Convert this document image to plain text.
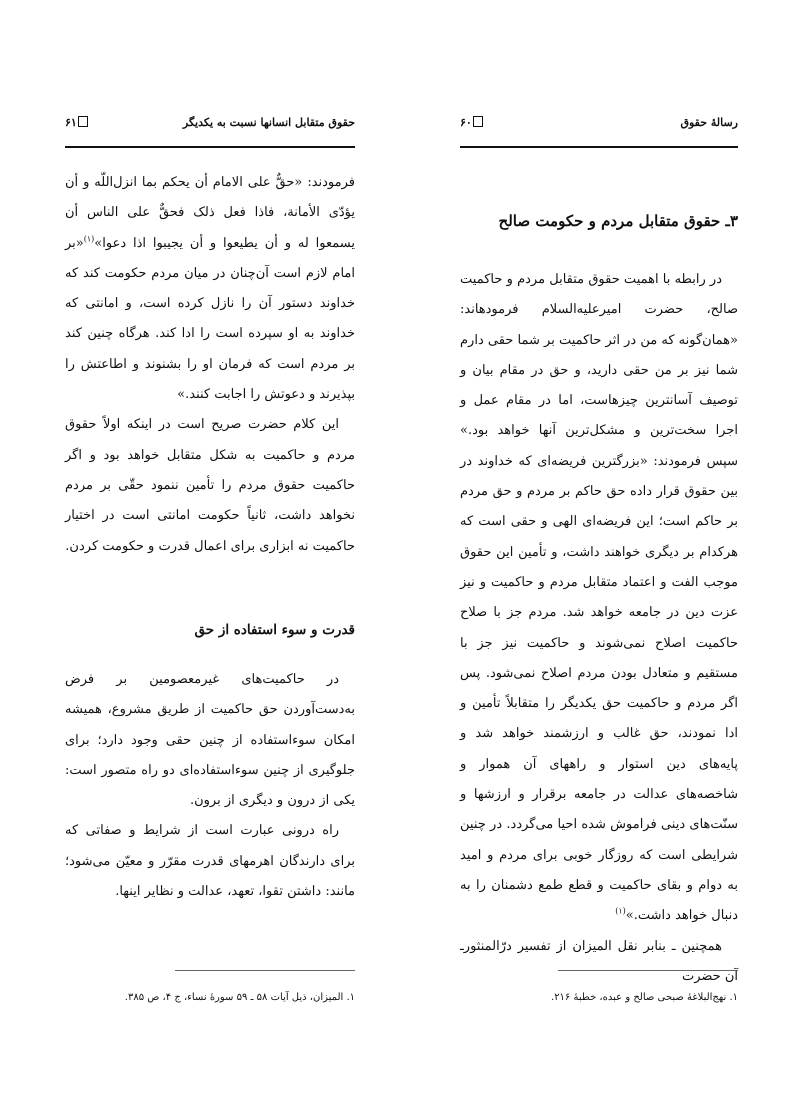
۶۱	حقوق متقابل انسانها نسبت به یکدیگر

فرمودند: «حقٌّ علی الامام أن یحکم بما انزل‌اللّه و أن یؤدّی الأمانة، فاذا فعل ذلک فحقٌّ علی الناس أن یسمعوا له و أن یطیعوا و أن یجیبوا اذا دعوا»$^{(۱)}$«بر امام لازم است آن‌چنان در میان مردم حکومت کند که خداوند دستور آن را نازل کرده است، و امانتی که خداوند به او سپرده است را ادا کند. هرگاه چنین کند بر مردم است که فرمان او را بشنوند و اطاعتش را بپذیرند و دعوتش را اجابت کنند.»

این کلام حضرت صریح است در اینکه اولاً حقوق مردم و حاکمیت به شکل متقابل خواهد بود و اگر حاکمیت حقوق مردم را تأمین ننمود حقّی بر مردم نخواهد داشت، ثانیاً حکومت امانتی است در اختیار حاکمیت نه ابزاری برای اعمال قدرت و حکومت کردن.

قدرت و سوء استفاده از حق

در حاکمیت‌های غیرمعصومین بر فرض به‌دست‌آوردن حق حاکمیت از طریق مشروع، همیشه امکان سوءاستفاده از چنین حقی وجود دارد؛ برای جلوگیری از چنین سوءاستفاده‌ای دو راه متصور است: یکی از درون و دیگری از برون.

راه درونی عبارت است از شرایط و صفاتی که برای دارندگان اهرمهای قدرت مقرّر و معیّن می‌شود؛ مانند: داشتن تقوا، تعهد، عدالت و نظایر اینها.

۱. المیزان، ذیل آیات ۵۸ ـ ۵۹ سورهٔ نساء، ج ۴، ص ۳۸۵.
۶۰	رسالهٔ حقوق
۳ـ حقوق متقابل مردم و حکومت صالح

در رابطه با اهمیت حقوق متقابل مردم و حاکمیت صالح، حضرت امیرعليه‌السلام فرمودهاند: «همان‌گونه که من در اثر حاکمیت بر شما حقی دارم شما نیز بر من حقی دارید، و حق در مقام بیان و توصیف آسانترین چیزهاست، اما در مقام عمل و اجرا سخت‌ترین و مشکل‌ترین آنها خواهد بود.» سپس فرمودند: «بزرگترین فریضه‌ای که خداوند در بین حقوق قرار داده حق حاکم بر مردم و حق مردم بر حاکم است؛ این فریضه‌ای الهی و حقی است که هرکدام بر دیگری خواهند داشت، و تأمین این حقوق موجب الفت و اعتماد متقابل مردم و حاکمیت و نیز عزت دین در جامعه خواهد شد. مردم جز با صلاح حاکمیت اصلاح نمی‌شوند و حاکمیت نیز جز با مستقیم و متعادل بودن مردم اصلاح نمی‌شود. پس اگر مردم و حاکمیت حق یکدیگر را متقابلاً تأمین و ادا نمودند، حق غالب و ارزشمند خواهد شد و پایه‌های دین استوار و راههای آن هموار و شاخصه‌های عدالت در جامعه برقرار و ارزشها و سنّت‌های دینی فراموش شده احیا می‌گردد. در چنین شرایطی است که روزگار خوبی برای مردم و امید به دوام و بقای حاکمیت و قطع طمع دشمنان را به دنبال خواهد داشت.»$^{(۱)}$

همچنین ـ بنابر نقل المیزان از تفسیر درّالمنثورـ آن حضرت

۱. نهج‌البلاغهٔ صبحی صالح و عبده، خطبهٔ ۲۱۶.
